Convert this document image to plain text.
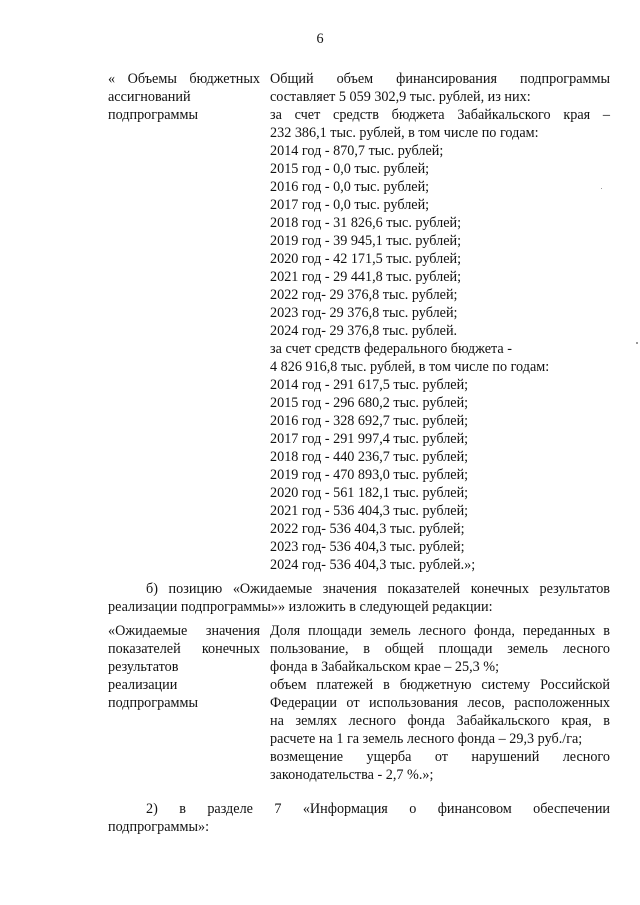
6
« Объемы бюджетных
ассигнований
подпрограммы
Общий объем финансирования подпрограммы
составляет 5 059 302,9 тыс. рублей, из них:
за счет средств бюджета Забайкальского края –
232 386,1 тыс. рублей, в том числе по годам:
2014 год - 870,7 тыс. рублей;
2015 год - 0,0 тыс. рублей;
2016 год - 0,0 тыс. рублей;
2017 год - 0,0 тыс. рублей;
2018 год - 31 826,6 тыс. рублей;
2019 год - 39 945,1 тыс. рублей;
2020 год - 42 171,5 тыс. рублей;
2021 год - 29 441,8 тыс. рублей;
2022 год- 29 376,8 тыс. рублей;
2023 год- 29 376,8 тыс. рублей;
2024 год- 29 376,8 тыс. рублей.
за счет средств федерального бюджета -
4 826 916,8 тыс. рублей, в том числе по годам:
2014 год - 291 617,5 тыс. рублей;
2015 год - 296 680,2 тыс. рублей;
2016 год - 328 692,7 тыс. рублей;
2017 год - 291 997,4 тыс. рублей;
2018 год - 440 236,7 тыс. рублей;
2019 год - 470 893,0 тыс. рублей;
2020 год - 561 182,1 тыс. рублей;
2021 год - 536 404,3 тыс. рублей;
2022 год- 536 404,3 тыс. рублей;
2023 год- 536 404,3 тыс. рублей;
2024 год- 536 404,3 тыс. рублей.»;
б) позицию «Ожидаемые значения показателей конечных результатов
реализации подпрограммы»» изложить в следующей редакции:
«Ожидаемые значения
показателей конечных
результатов
реализации
подпрограммы
Доля площади земель лесного фонда, переданных в
пользование, в общей площади земель лесного
фонда в Забайкальском крае – 25,3 %;
объем платежей в бюджетную систему Российской
Федерации от использования лесов, расположенных
на землях лесного фонда Забайкальского края, в
расчете на 1 га земель лесного фонда – 29,3 руб./га;
возмещение ущерба от нарушений лесного
законодательства - 2,7 %.»;
2) в разделе 7 «Информация о финансовом обеспечении
подпрограммы»:
